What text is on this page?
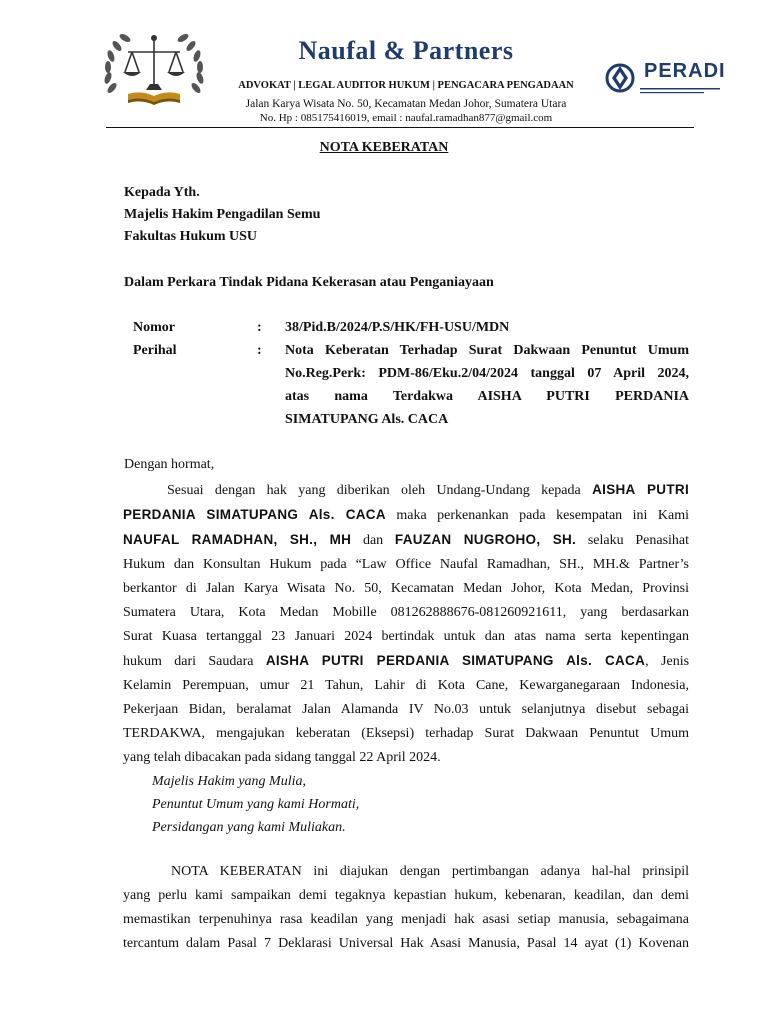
Naufal & Partners
ADVOKAT | LEGAL AUDITOR HUKUM | PENGACARA PENGADAAN
Jalan Karya Wisata No. 50, Kecamatan Medan Johor, Sumatera Utara
No. Hp : 085175416019, email : naufal.ramadhan877@gmail.com
PERADI
NOTA KEBERATAN
Kepada Yth.
Majelis Hakim Pengadilan Semu
Fakultas Hukum USU
Dalam Perkara Tindak Pidana Kekerasan atau Penganiayaan
Nomor	: 38/Pid.B/2024/P.S/HK/FH-USU/MDN
Perihal	: Nota Keberatan Terhadap Surat Dakwaan Penuntut Umum
No.Reg.Perk: PDM-86/Eku.2/04/2024 tanggal 07 April 2024,
atas nama Terdakwa AISHA PUTRI PERDANIA
SIMATUPANG Als. CACA
Dengan hormat,
Sesuai dengan hak yang diberikan oleh Undang-Undang kepada AISHA PUTRI
PERDANIA SIMATUPANG Als. CACA maka perkenankan pada kesempatan ini Kami
NAUFAL RAMADHAN, SH., MH dan FAUZAN NUGROHO, SH. selaku Penasihat
Hukum dan Konsultan Hukum pada “Law Office Naufal Ramadhan, SH., MH.& Partner’s
berkantor di Jalan Karya Wisata No. 50, Kecamatan Medan Johor, Kota Medan, Provinsi
Sumatera Utara, Kota Medan Mobille 081262888676-081260921611, yang berdasarkan
Surat Kuasa tertanggal 23 Januari 2024 bertindak untuk dan atas nama serta kepentingan
hukum dari Saudara AISHA PUTRI PERDANIA SIMATUPANG Als. CACA, Jenis
Kelamin Perempuan, umur 21 Tahun, Lahir di Kota Cane, Kewarganegaraan Indonesia,
Pekerjaan Bidan, beralamat Jalan Alamanda IV No.03 untuk selanjutnya disebut sebagai
TERDAKWA, mengajukan keberatan (Eksepsi) terhadap Surat Dakwaan Penuntut Umum
yang telah dibacakan pada sidang tanggal 22 April 2024.
Majelis Hakim yang Mulia,
Penuntut Umum yang kami Hormati,
Persidangan yang kami Muliakan.
NOTA KEBERATAN ini diajukan dengan pertimbangan adanya hal-hal prinsipil
yang perlu kami sampaikan demi tegaknya kepastian hukum, kebenaran, keadilan, dan demi
memastikan terpenuhinya rasa keadilan yang menjadi hak asasi setiap manusia, sebagaimana
tercantum dalam Pasal 7 Deklarasi Universal Hak Asasi Manusia, Pasal 14 ayat (1) Kovenan
